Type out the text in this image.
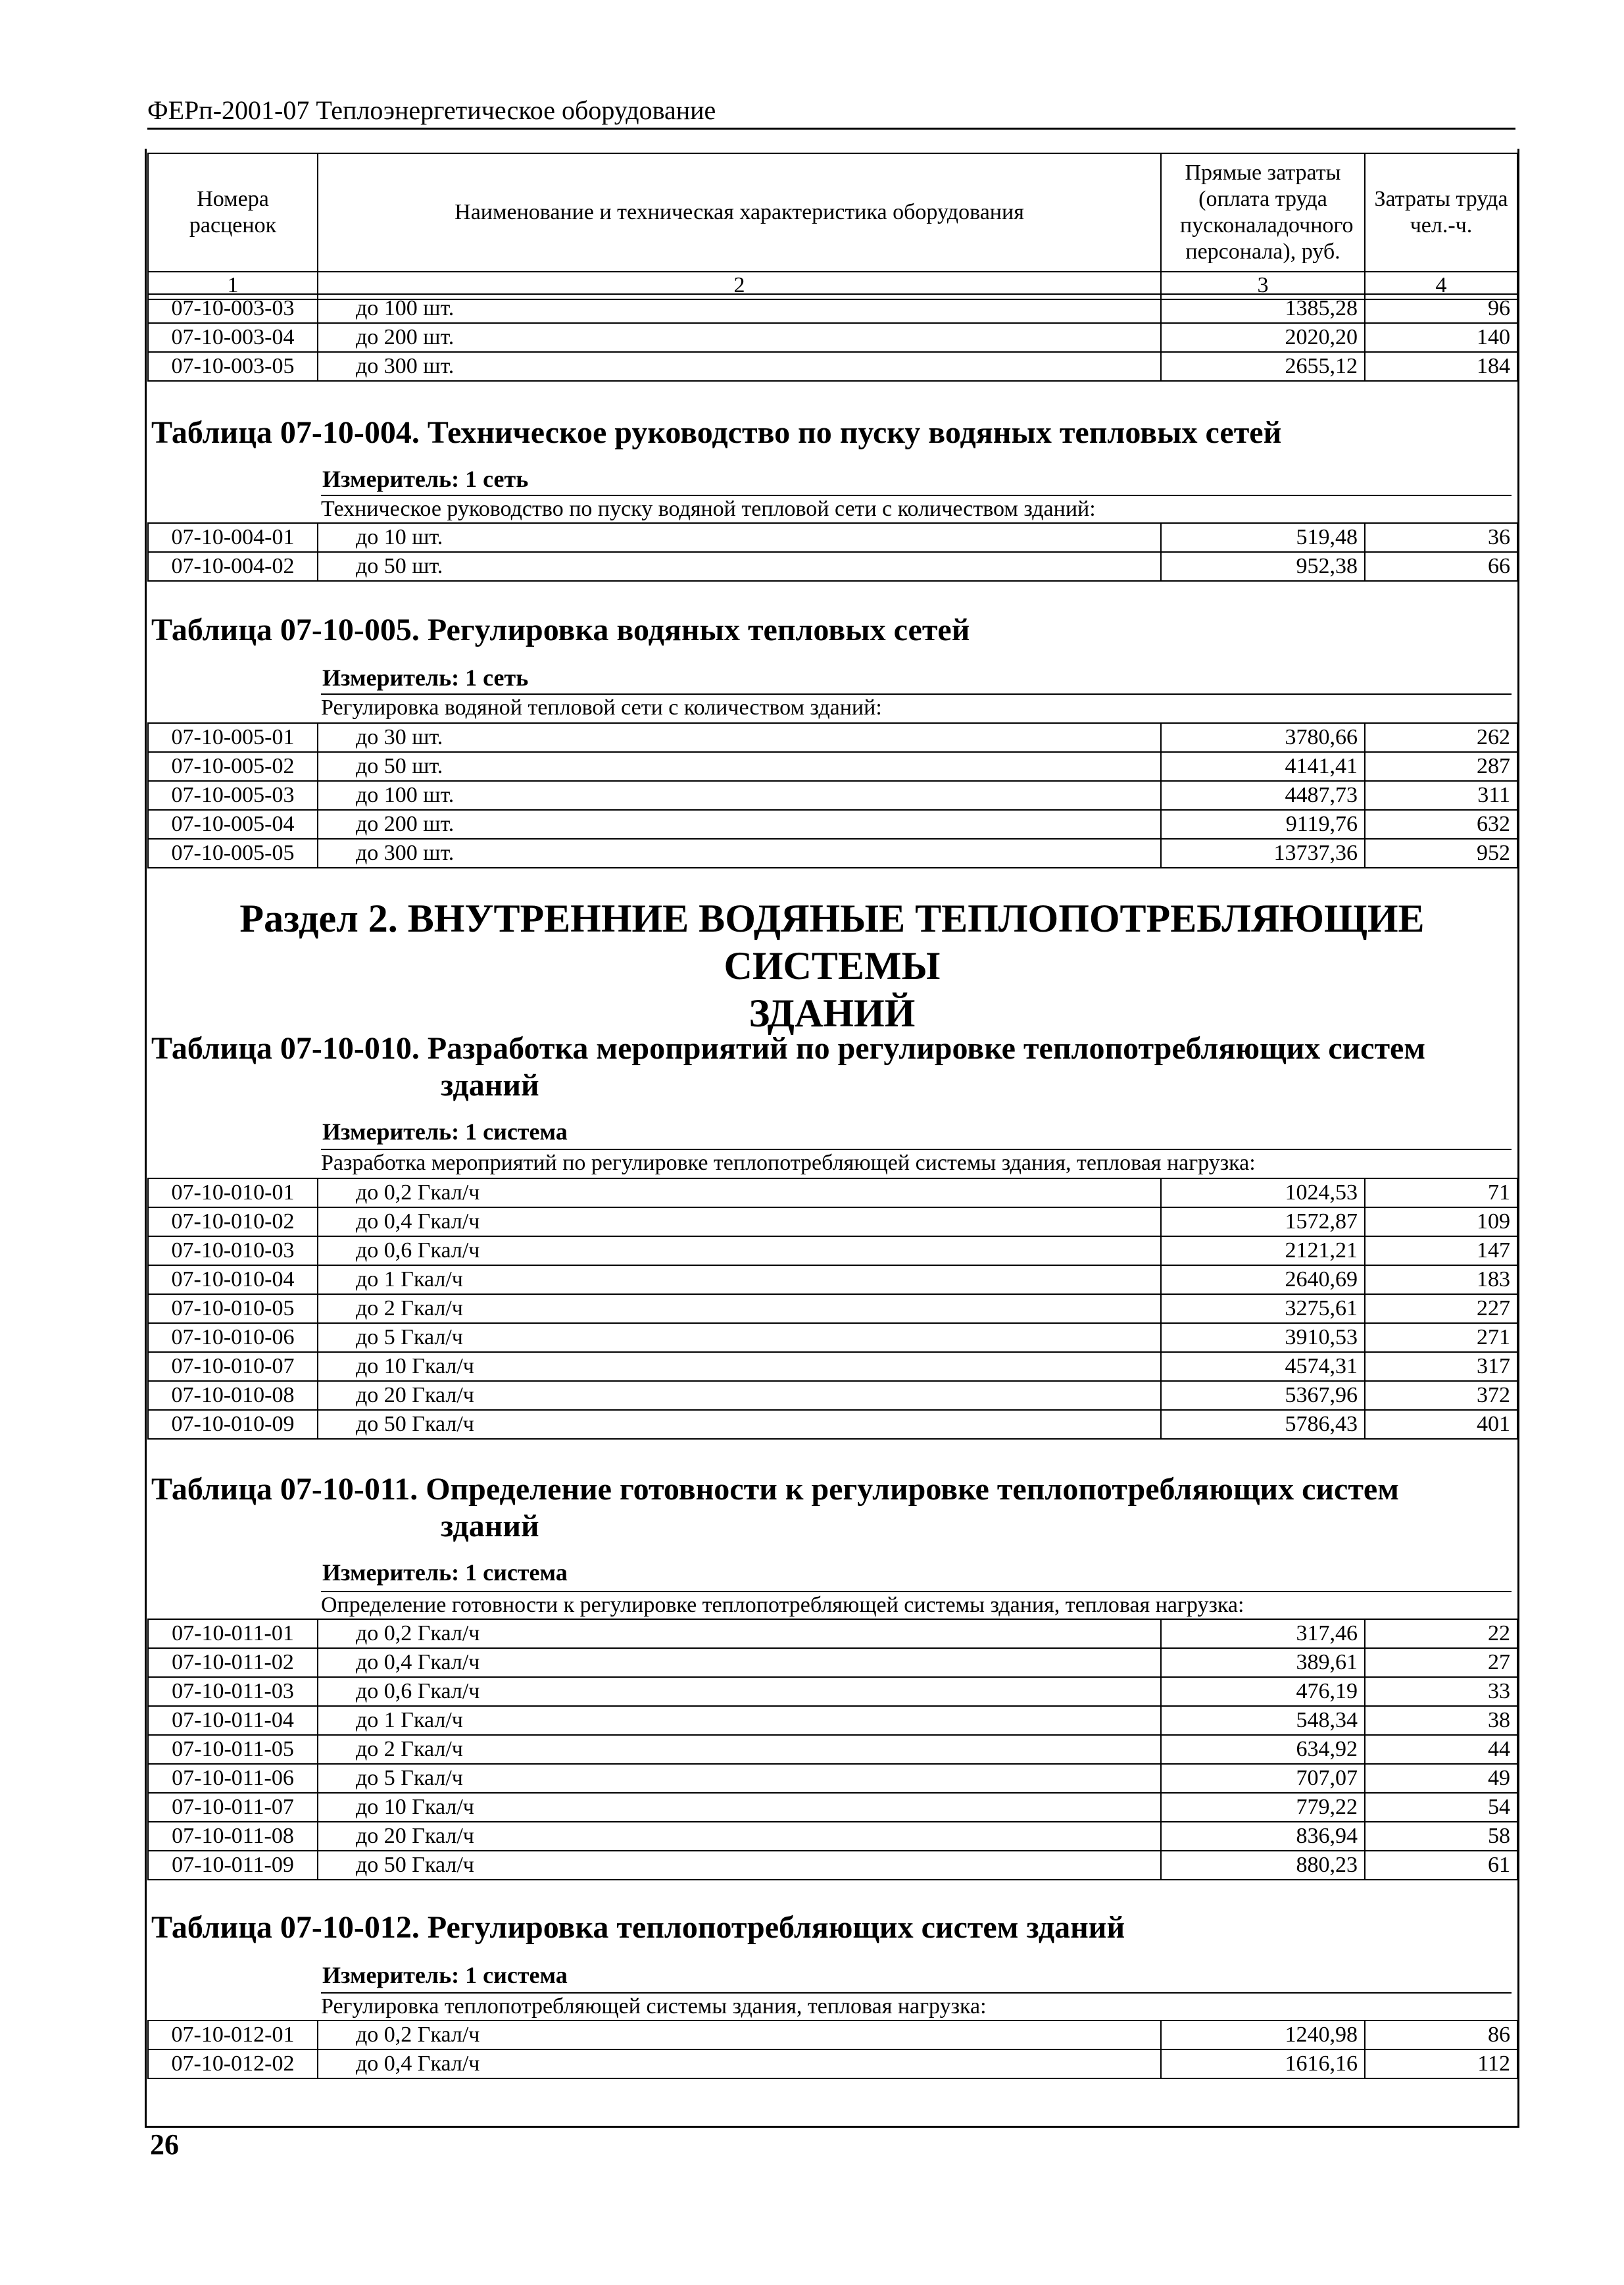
ФЕРп-2001-07 Теплоэнергетическое оборудование
Номера расценок	Наименование и техническая характеристика оборудования	Прямые затраты (оплата труда пусконаладочного персонала), руб.	Затраты труда чел.-ч.
1	2	3	4
07-10-003-03		до 100 шт.	1385,28	96
07-10-003-04		до 200 шт.	2020,20	140
07-10-003-05		до 300 шт.	2655,12	184
Таблица 07-10-004. Техническое руководство по пуску водяных тепловых сетей
Измеритель: 1 сеть
Техническое руководство по пуску водяной тепловой сети с количеством зданий:
07-10-004-01		до 10 шт.	519,48	36
07-10-004-02		до 50 шт.	952,38	66
Таблица 07-10-005. Регулировка водяных тепловых сетей
Измеритель: 1 сеть
Регулировка водяной тепловой сети с количеством зданий:
07-10-005-01		до 30 шт.	3780,66	262
07-10-005-02		до 50 шт.	4141,41	287
07-10-005-03		до 100 шт.	4487,73	311
07-10-005-04		до 200 шт.	9119,76	632
07-10-005-05		до 300 шт.	13737,36	952
Раздел 2. ВНУТРЕННИЕ ВОДЯНЫЕ ТЕПЛОПОТРЕБЛЯЮЩИЕ СИСТЕМЫ
ЗДАНИЙ
Таблица 07-10-010. Разработка мероприятий по регулировке теплопотребляющих систем
зданий
Измеритель: 1 система
Разработка мероприятий по регулировке теплопотребляющей системы здания, тепловая нагрузка:
07-10-010-01		до 0,2 Гкал/ч	1024,53	71
07-10-010-02		до 0,4 Гкал/ч	1572,87	109
07-10-010-03		до 0,6 Гкал/ч	2121,21	147
07-10-010-04		до 1 Гкал/ч	2640,69	183
07-10-010-05		до 2 Гкал/ч	3275,61	227
07-10-010-06		до 5 Гкал/ч	3910,53	271
07-10-010-07		до 10 Гкал/ч	4574,31	317
07-10-010-08		до 20 Гкал/ч	5367,96	372
07-10-010-09		до 50 Гкал/ч	5786,43	401
Таблица 07-10-011. Определение готовности к регулировке теплопотребляющих систем
зданий
Измеритель: 1 система
Определение готовности к регулировке теплопотребляющей системы здания, тепловая нагрузка:
07-10-011-01		до 0,2 Гкал/ч	317,46	22
07-10-011-02		до 0,4 Гкал/ч	389,61	27
07-10-011-03		до 0,6 Гкал/ч	476,19	33
07-10-011-04		до 1 Гкал/ч	548,34	38
07-10-011-05		до 2 Гкал/ч	634,92	44
07-10-011-06		до 5 Гкал/ч	707,07	49
07-10-011-07		до 10 Гкал/ч	779,22	54
07-10-011-08		до 20 Гкал/ч	836,94	58
07-10-011-09		до 50 Гкал/ч	880,23	61
Таблица 07-10-012. Регулировка теплопотребляющих систем зданий
Измеритель: 1 система
Регулировка теплопотребляющей системы здания, тепловая нагрузка:
07-10-012-01		до 0,2 Гкал/ч	1240,98	86
07-10-012-02		до 0,4 Гкал/ч	1616,16	112
26
